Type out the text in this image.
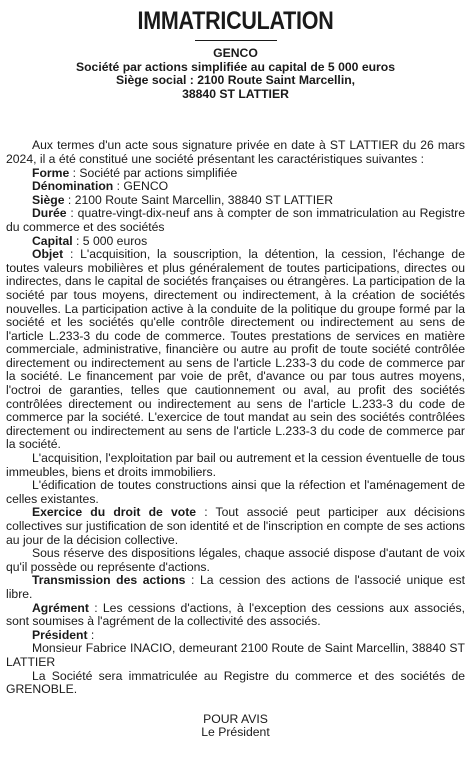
IMMATRICULATION
GENCO
Société par actions simplifiée au capital de 5 000 euros
Siège social : 2100 Route Saint Marcellin,
38840 ST LATTIER

Aux termes d'un acte sous signature privée en date à ST LATTIER du 26 mars 2024, il a été constitué une société présentant les caractéristiques suivantes :

Forme : Société par actions simplifiée

Dénomination : GENCO

Siège : 2100 Route Saint Marcellin, 38840 ST LATTIER

Durée : quatre-vingt-dix-neuf ans à compter de son immatriculation au Registre du commerce et des sociétés

Capital : 5 000 euros

Objet : L'acquisition, la souscription, la détention, la cession, l'échange de toutes valeurs mobilières et plus généralement de toutes participations, directes ou indirectes, dans le capital de sociétés françaises ou étrangères. La participation de la société par tous moyens, directement ou indirectement, à la création de sociétés nouvelles. La participation active à la conduite de la politique du groupe formé par la société et les sociétés qu'elle contrôle directement ou indirectement au sens de l'article L.233-3 du code de commerce. Toutes prestations de services en matière commerciale, administrative, financière ou autre au profit de toute société contrôlée directement ou indirectement au sens de l'article L.233-3 du code de commerce par la société. Le financement par voie de prêt, d'avance ou par tous autres moyens, l'octroi de garanties, telles que cautionnement ou aval, au profit des sociétés contrôlées directement ou indirectement au sens de l'article L.233-3 du code de commerce par la société. L'exercice de tout mandat au sein des sociétés contrôlées directement ou indirectement au sens de l'article L.233-3 du code de commerce par la société.

L'acquisition, l'exploitation par bail ou autrement et la cession éventuelle de tous immeubles, biens et droits immobiliers.

L'édification de toutes constructions ainsi que la réfection et l'aménagement de celles existantes.

Exercice du droit de vote : Tout associé peut participer aux décisions collectives sur justification de son identité et de l'inscription en compte de ses actions au jour de la décision collective.

Sous réserve des dispositions légales, chaque associé dispose d'autant de voix qu'il possède ou représente d'actions.

Transmission des actions : La cession des actions de l'associé unique est libre.

Agrément : Les cessions d'actions, à l'exception des cessions aux associés, sont soumises à l'agrément de la collectivité des associés.

Président :

Monsieur Fabrice INACIO, demeurant 2100 Route de Saint Marcellin, 38840 ST LATTIER

La Société sera immatriculée au Registre du commerce et des sociétés de GRENOBLE.

POUR AVIS
Le Président
